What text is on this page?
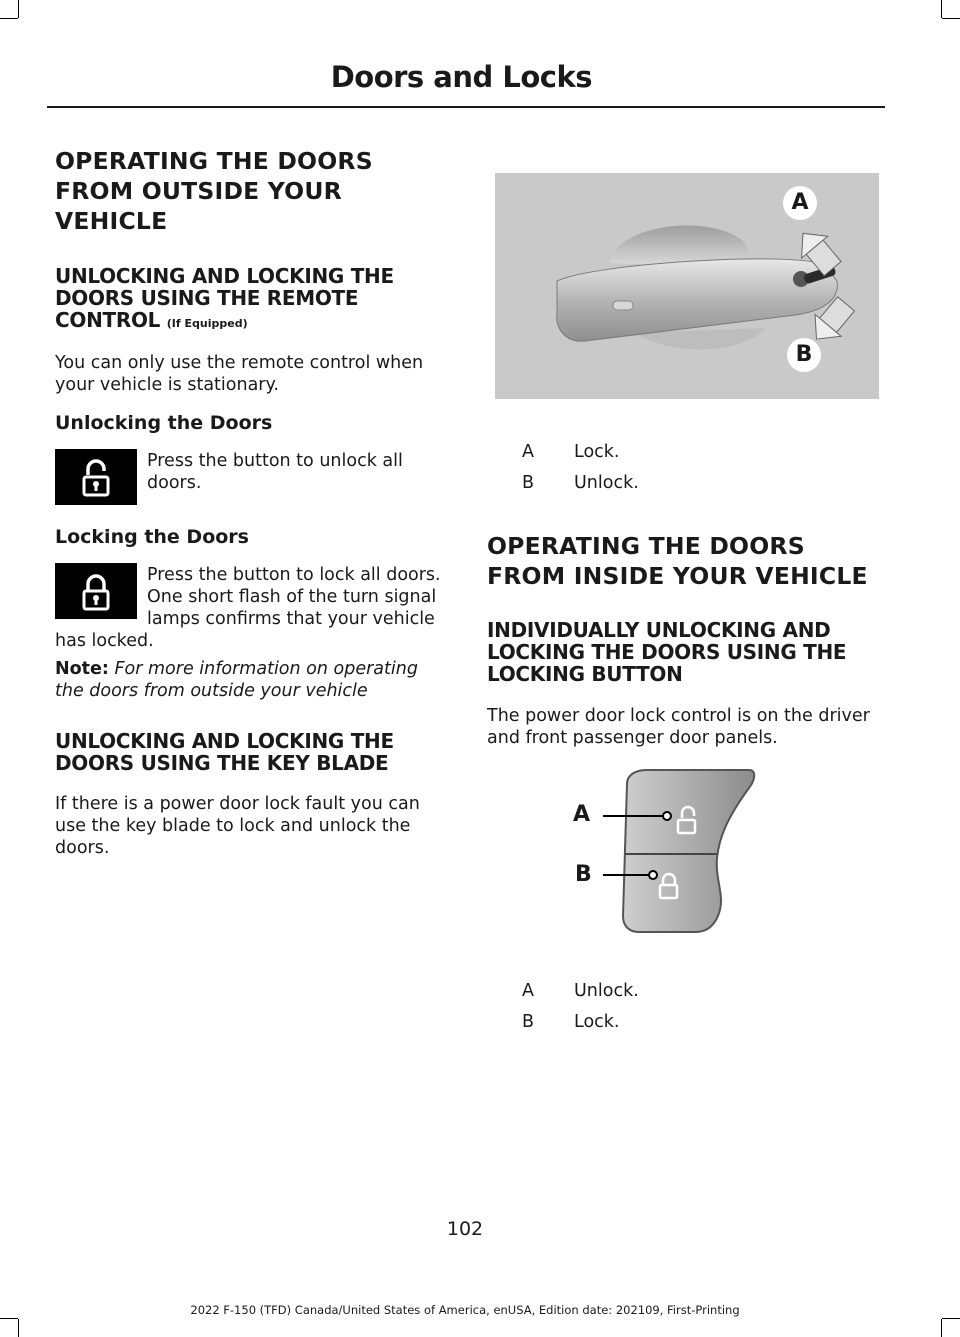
Doors and Locks
OPERATING THE DOORS
FROM OUTSIDE YOUR
VEHICLE
UNLOCKING AND LOCKING THE
DOORS USING THE REMOTE
CONTROL (If Equipped)

You can only use the remote control when your vehicle is stationary.

Unlocking the Doors

Press the button to unlock all doors.

Locking the Doors

Press the button to lock all doors. One short flash of the turn signal lamps confirms that your vehicle has locked.

Note: For more information on operating the doors from outside your vehicle

UNLOCKING AND LOCKING THE
DOORS USING THE KEY BLADE

If there is a power door lock fault you can use the key blade to lock and unlock the doors.

A
B
A Lock.
B Unlock.
OPERATING THE DOORS
FROM INSIDE YOUR VEHICLE
INDIVIDUALLY UNLOCKING AND
LOCKING THE DOORS USING THE
LOCKING BUTTON

The power door lock control is on the driver and front passenger door panels.

A
B
A Unlock.
B Lock.
102
2022 F-150 (TFD) Canada/United States of America, enUSA, Edition date: 202109, First-Printing
